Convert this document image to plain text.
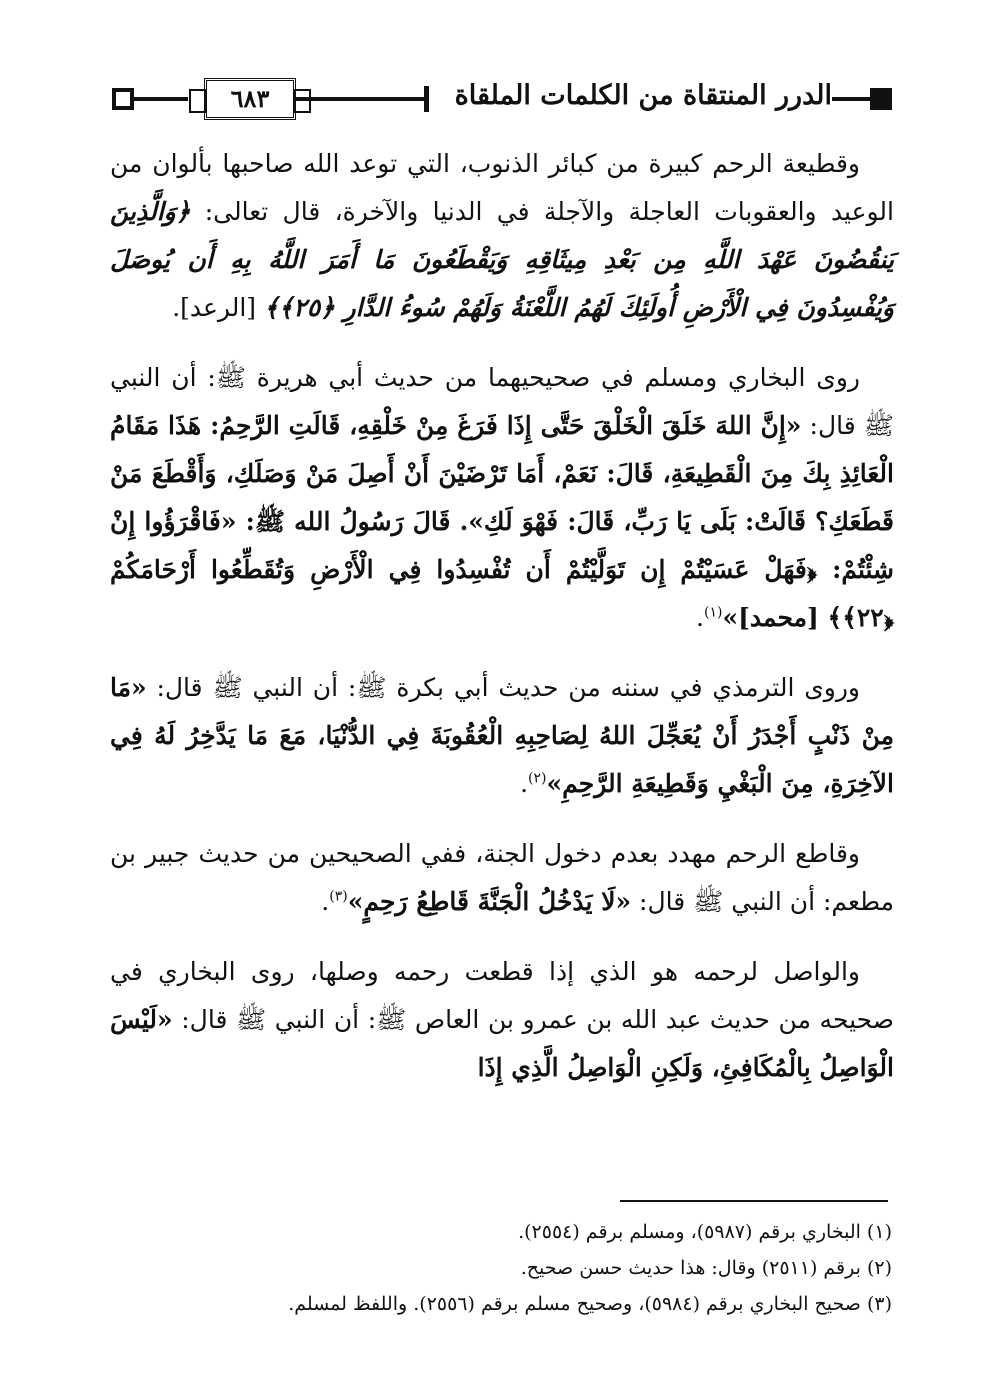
الدرر المنتقاة من الكلمات الملقاة
٦٨٣

وقطيعة الرحم كبيرة من كبائر الذنوب، التي توعد الله صاحبها بألوان من الوعيد والعقوبات العاجلة والآجلة في الدنيا والآخرة، قال تعالى: ﴿وَالَّذِينَ يَنقُضُونَ عَهْدَ اللَّهِ مِن بَعْدِ مِيثَاقِهِ وَيَقْطَعُونَ مَا أَمَرَ اللَّهُ بِهِ أَن يُوصَلَ وَيُفْسِدُونَ فِي الْأَرْضِ أُولَئِكَ لَهُمُ اللَّعْنَةُ وَلَهُمْ سُوءُ الدَّارِ ﴿٢٥﴾﴾ [الرعد].

روى البخاري ومسلم في صحيحيهما من حديث أبي هريرة ﷺ: أن النبي ﷺ قال: «إِنَّ اللهَ خَلَقَ الْخَلْقَ حَتَّى إِذَا فَرَغَ مِنْ خَلْقِهِ، قَالَتِ الرَّحِمُ: هَذَا مَقَامُ الْعَائِذِ بِكَ مِنَ الْقَطِيعَةِ، قَالَ: نَعَمْ، أَمَا تَرْضَيْنَ أَنْ أَصِلَ مَنْ وَصَلَكِ، وَأَقْطَعَ مَنْ قَطَعَكِ؟ قَالَتْ: بَلَى يَا رَبِّ، قَالَ: فَهْوَ لَكِ». قَالَ رَسُولُ الله ﷺ: «فَاقْرَؤُوا إِنْ شِئْتُمْ: ﴿فَهَلْ عَسَيْتُمْ إِن تَوَلَّيْتُمْ أَن تُفْسِدُوا فِي الْأَرْضِ وَتُقَطِّعُوا أَرْحَامَكُمْ ﴿٢٢﴾﴾ [محمد]»$^{(١)}$.

وروى الترمذي في سننه من حديث أبي بكرة ﷺ: أن النبي ﷺ قال: «مَا مِنْ ذَنْبٍ أَجْدَرُ أَنْ يُعَجِّلَ اللهُ لِصَاحِبِهِ الْعُقُوبَةَ فِي الدُّنْيَا، مَعَ مَا يَدَّخِرُ لَهُ فِي الآخِرَةِ، مِنَ الْبَغْيِ وَقَطِيعَةِ الرَّحِمِ»$^{(٢)}$.

وقاطع الرحم مهدد بعدم دخول الجنة، ففي الصحيحين من حديث جبير بن مطعم: أن النبي ﷺ قال: «لَا يَدْخُلُ الْجَنَّةَ قَاطِعُ رَحِمٍ»$^{(٣)}$.

والواصل لرحمه هو الذي إذا قطعت رحمه وصلها، روى البخاري في صحيحه من حديث عبد الله بن عمرو بن العاص ﷺ: أن النبي ﷺ قال: «لَيْسَ الْوَاصِلُ بِالْمُكَافِئِ، وَلَكِنِ الْوَاصِلُ الَّذِي إِذَا

(١) البخاري برقم (٥٩٨٧)، ومسلم برقم (٢٥٥٤).
(٢) برقم (٢٥١١) وقال: هذا حديث حسن صحيح.
(٣) صحيح البخاري برقم (٥٩٨٤)، وصحيح مسلم برقم (٢٥٥٦). واللفظ لمسلم.
